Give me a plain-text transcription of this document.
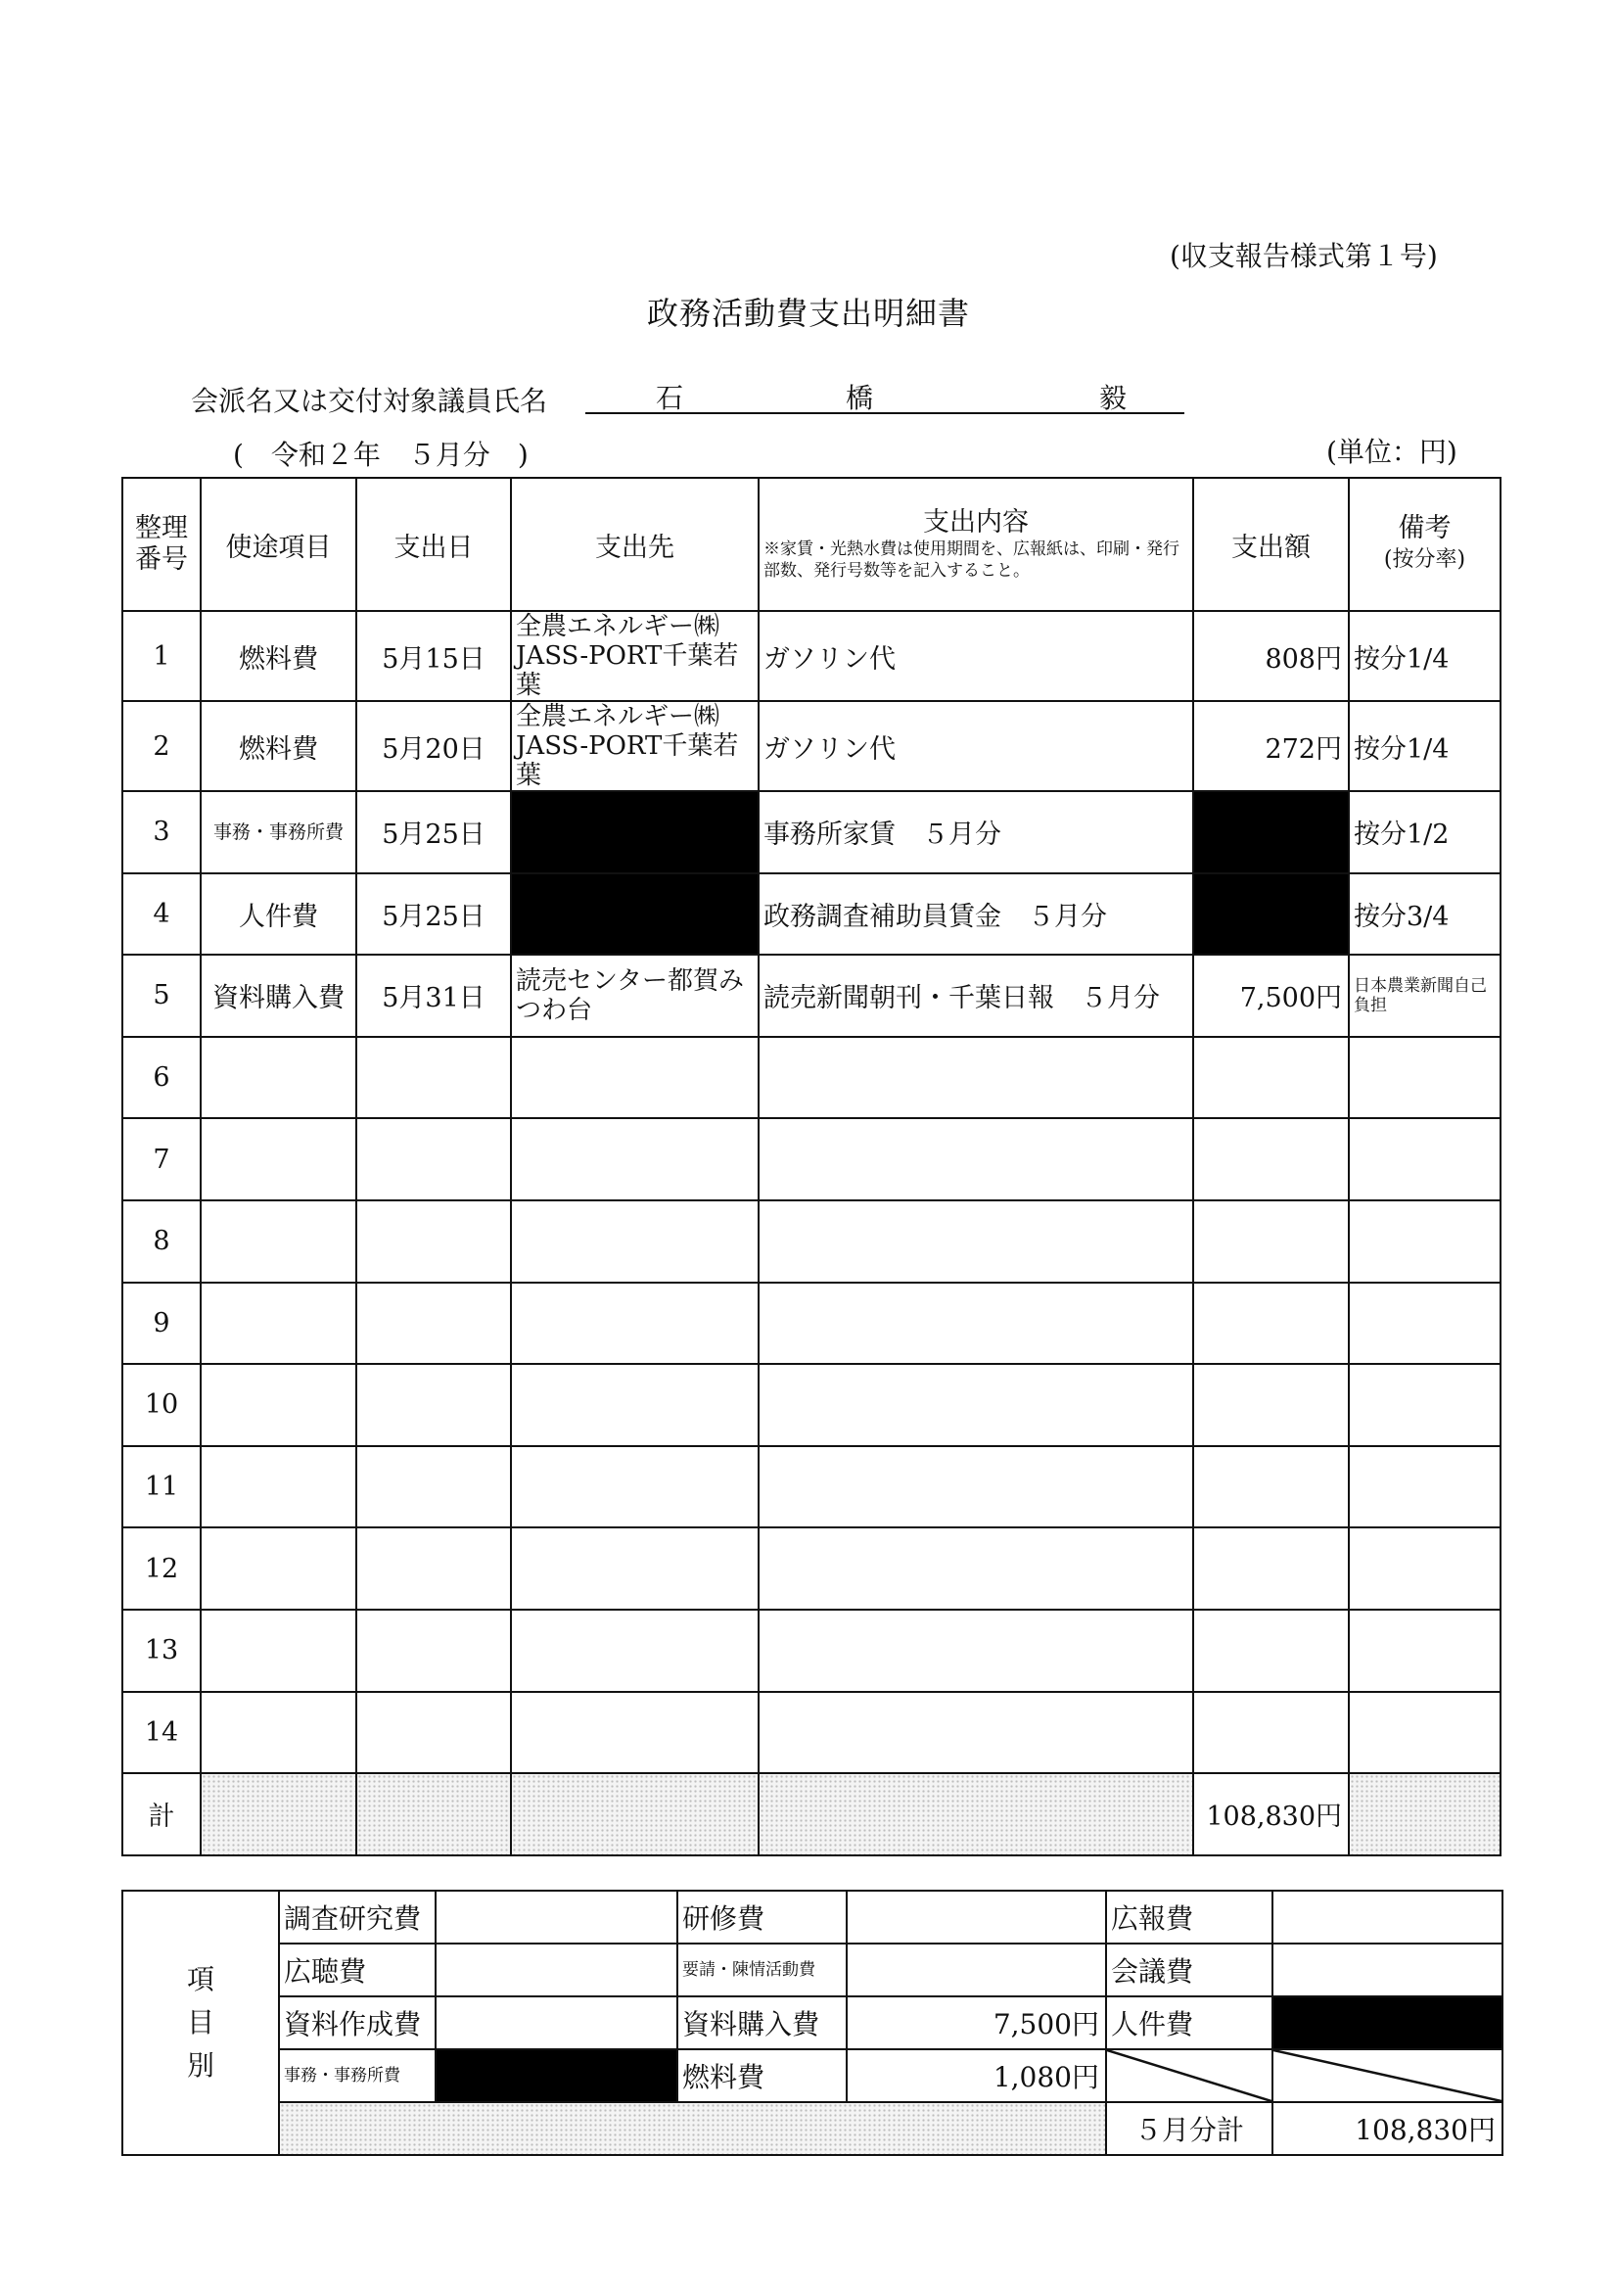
(収支報告様式第１号)
政務活動費支出明細書
会派名又は交付対象議員氏名	石	橋	毅
(　令和２年　５月分　)	(単位：円)
整理番号	使途項目	支出日	支出先	支出内容
※家賃・光熱水費は使用期間を、広報紙は、印刷・発行部数、発行号数等を記入すること。	支出額	備考
(按分率)

1	燃料費	5月15日	全農エネルギー㈱JASS-PORT千葉若葉	ガソリン代	808円	按分1/4
2	燃料費	5月20日	全農エネルギー㈱JASS-PORT千葉若葉	ガソリン代	272円	按分1/4
3	事務・事務所費	5月25日		事務所家賃　５月分		按分1/2
4	人件費	5月25日		政務調査補助員賃金　５月分		按分3/4
5	資料購入費	5月31日	読売センター都賀みつわ台	読売新聞朝刊・千葉日報　５月分	7,500円	日本農業新聞自己負担
6						
7						
8						
9						
10						
11						
12						
13						
14						
計					108,830円	
項目別	調査研究費		研修費		広報費	
	広聴費		要請・陳情活動費		会議費	
	資料作成費		資料購入費	7,500円	人件費	
	事務・事務所費		燃料費	1,080円		
					５月分計	108,830円
